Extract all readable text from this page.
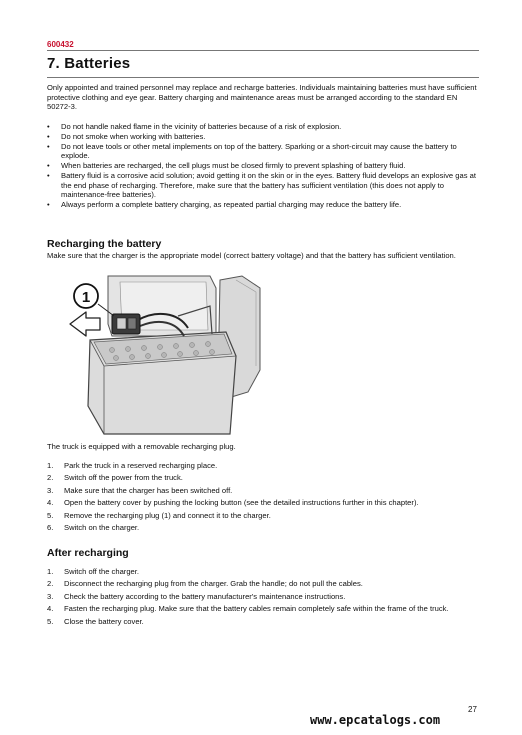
600432
7. Batteries
Only appointed and trained personnel may replace and recharge batteries. Individuals maintaining batteries must have sufficient protective clothing and eye gear. Battery charging and maintenance areas must be arranged according to the standard EN 50272-3.
• Do not handle naked flame in the vicinity of batteries because of a risk of explosion.
• Do not smoke when working with batteries.
• Do not leave tools or other metal implements on top of the battery. Sparking or a short-circuit may cause the battery to explode.
• When batteries are recharged, the cell plugs must be closed firmly to prevent splashing of battery fluid.
• Battery fluid is a corrosive acid solution; avoid getting it on the skin or in the eyes. Battery fluid develops an explosive gas at the end phase of recharging. Therefore, make sure that the battery has sufficient ventilation (this does not apply to maintenance-free batteries).
• Always perform a complete battery charging, as repeated partial charging may reduce the battery life.
Recharging the battery
Make sure that the charger is the appropriate model (correct battery voltage) and that the battery has sufficient ventilation.
1
The truck is equipped with a removable recharging plug.
1. Park the truck in a reserved recharging place.
2. Switch off the power from the truck.
3. Make sure that the charger has been switched off.
4. Open the battery cover by pushing the locking button (see the detailed instructions further in this chapter).
5. Remove the recharging plug (1) and connect it to the charger.
6. Switch on the charger.
After recharging
1. Switch off the charger.
2. Disconnect the recharging plug from the charger. Grab the handle; do not pull the cables.
3. Check the battery according to the battery manufacturer's maintenance instructions.
4. Fasten the recharging plug. Make sure that the battery cables remain completely safe within the frame of the truck.
5. Close the battery cover.
27
www.epcatalogs.com
